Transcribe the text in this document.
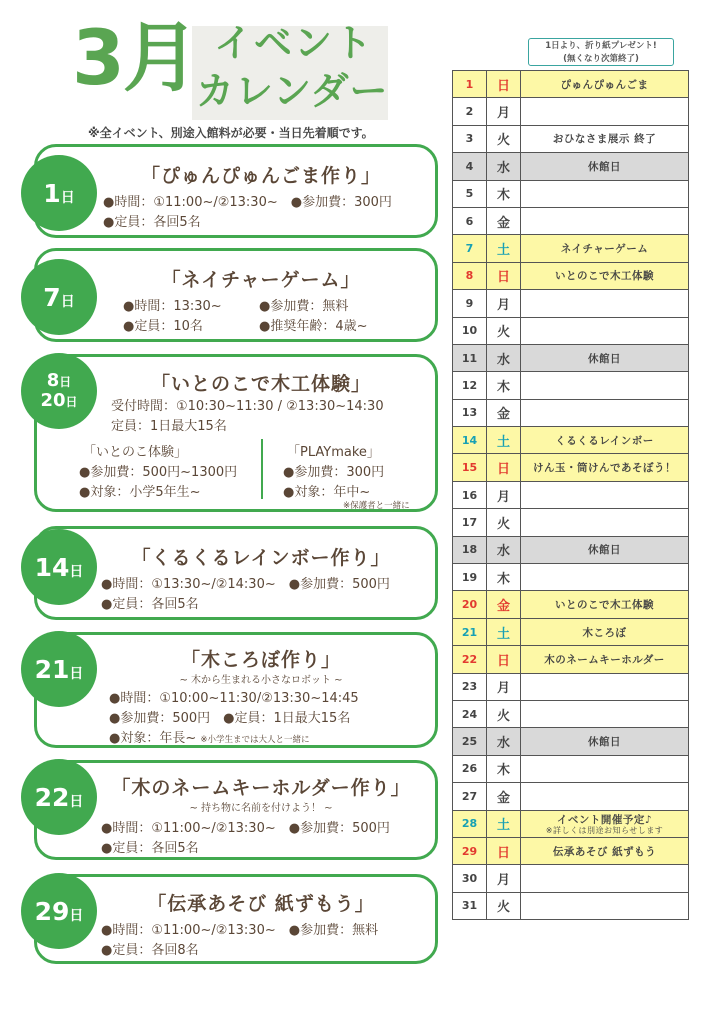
3月 イベント
カレンダー
※全イベント、別途入館料が必要・当日先着順です。
1日
「ぴゅんぴゅんごま作り」
●時間：①11:00~/②13:30~　●参加費：300円
●定員：各回5名
7日
「ネイチャーゲーム」
●時間：13:30~
●定員：10名
●参加費：無料
●推奨年齢：4歳~
8日
20日
「いとのこで木工体験」
受付時間：①10:30~11:30 / ②13:30~14:30
定員：1日最大15名
「いとのこ体験」
●参加費：500円~1300円
●対象：小学5年生~
「PLAYmake」
●参加費：300円
●対象：年中~
※保護者と一緒に
14日
「くるくるレインボー作り」
●時間：①13:30~/②14:30~　●参加費：500円
●定員：各回5名
21日
「木ころぼ作り」
~ 木から生まれる小さなロボット ~
●時間：①10:00~11:30/②13:30~14:45
●参加費：500円　●定員：1日最大15名
●対象：年長~ ※小学生までは大人と一緒に
22日
「木のネームキーホルダー作り」
~ 持ち物に名前を付けよう！ ~
●時間：①11:00~/②13:30~　●参加費：500円
●定員：各回5名
29日
「伝承あそび 紙ずもう」
●時間：①11:00~/②13:30~　●参加費：無料
●定員：各回8名
1日より、折り紙プレゼント!
(無くなり次第終了)
1	日	ぴゅんぴゅんごま
2	月	
3	火	おひなさま展示 終了
4	水	休館日
5	木	
6	金	
7	土	ネイチャーゲーム
8	日	いとのこで木工体験
9	月	
10	火	
11	水	休館日
12	木	
13	金	
14	土	くるくるレインボー
15	日	けん玉・筒けんであそぼう！
16	月	
17	火	
18	水	休館日
19	木	
20	金	いとのこで木工体験
21	土	木ころぼ
22	日	木のネームキーホルダー
23	月	
24	火	
25	水	休館日
26	木	
27	金	
28	土	イベント開催予定♪
※詳しくは別途お知らせします

29	日	伝承あそび 紙ずもう
30	月	
31	火	
